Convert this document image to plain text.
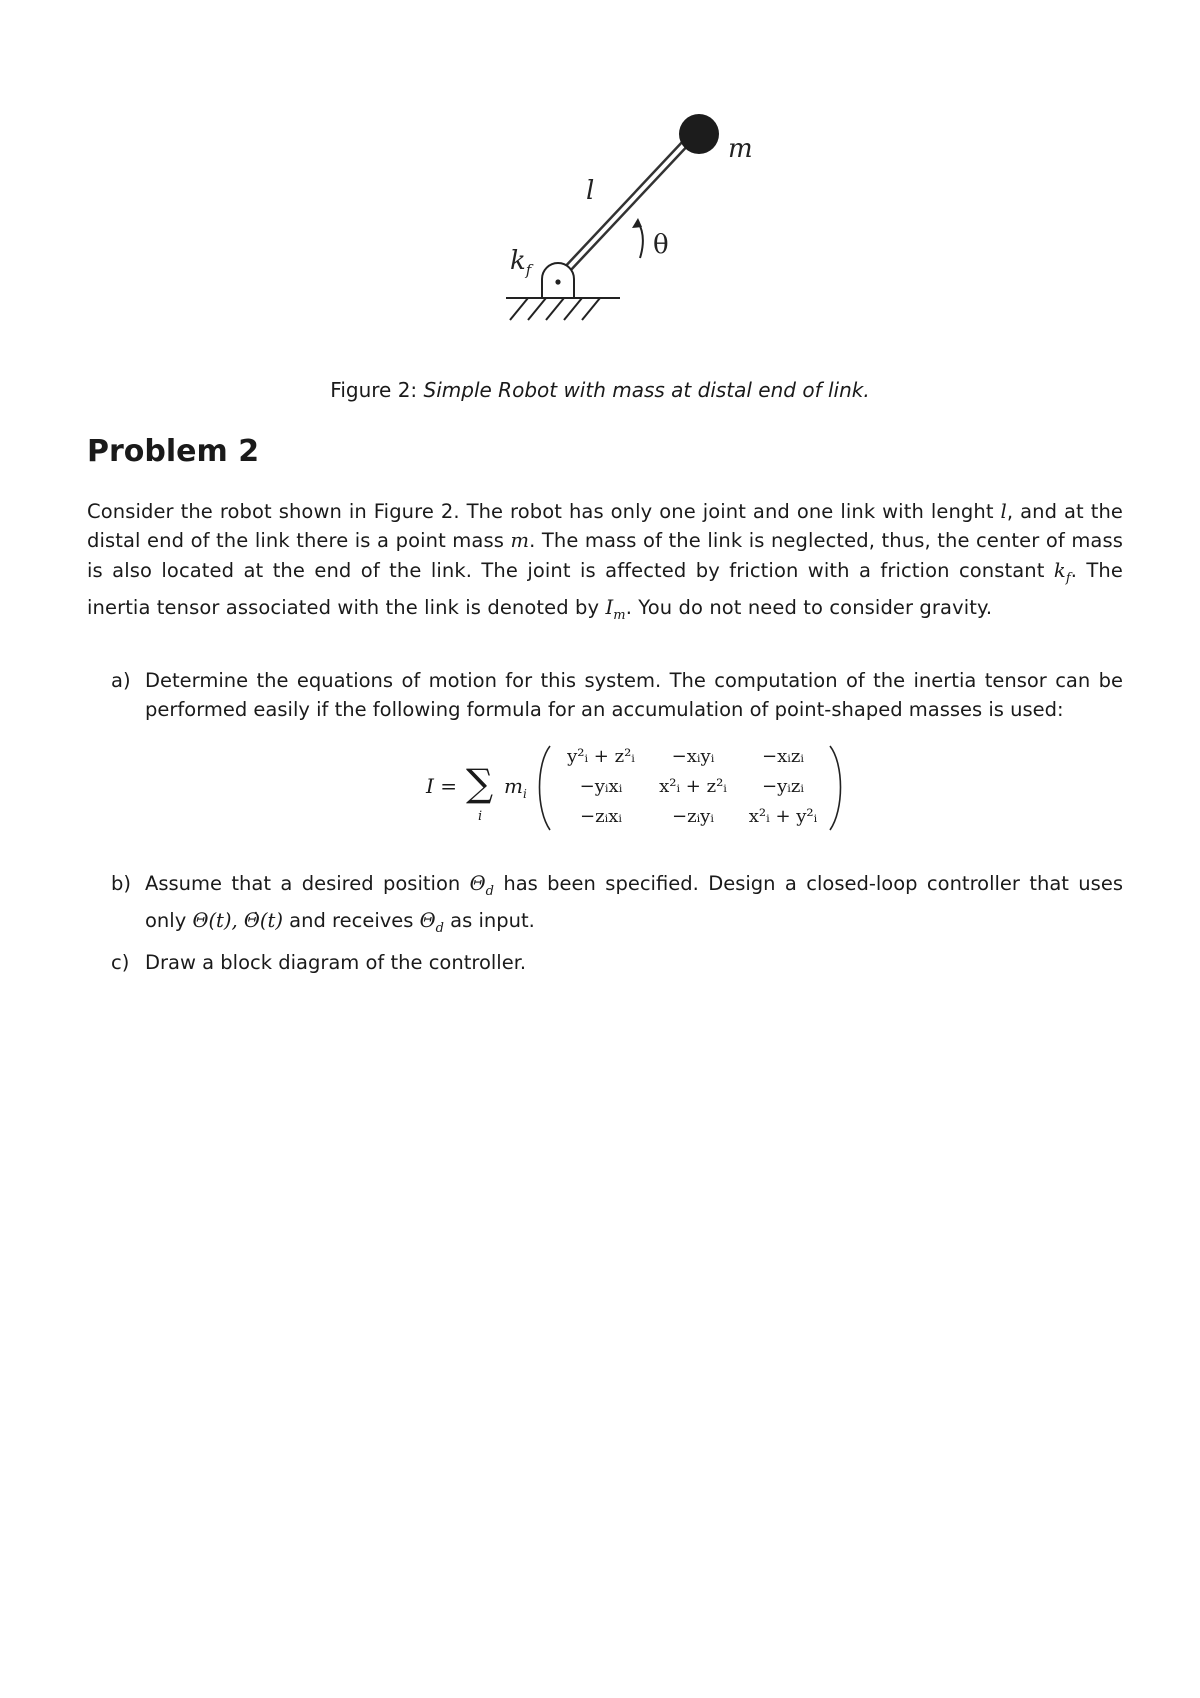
m
l
θ
$k_f$
Figure 2: Simple Robot with mass at distal end of link.
Problem 2
Consider the robot shown in Figure 2. The robot has only one joint and one link with lenght l, and at the distal end of the link there is a point mass m. The mass of the link is neglected, thus, the center of mass is also located at the end of the link. The joint is affected by friction with a friction constant $k_f$. The inertia tensor associated with the link is denoted by $I_m$. You do not need to consider gravity.
a) Determine the equations of motion for this system. The computation of the inertia tensor can be performed easily if the following formula for an accumulation of point-shaped masses is used:
I = ∑
i
$m_i$
y²ᵢ + z²ᵢ	−xᵢyᵢ	−xᵢzᵢ
−yᵢxᵢ	x²ᵢ + z²ᵢ	−yᵢzᵢ
−zᵢxᵢ	−zᵢyᵢ	x²ᵢ + y²ᵢ
b) Assume that a desired position $\Theta_d$ has been specified. Design a closed-loop controller that uses only Θ(t), Θ̇(t) and receives $\Theta_d$ as input.
c) Draw a block diagram of the controller.
